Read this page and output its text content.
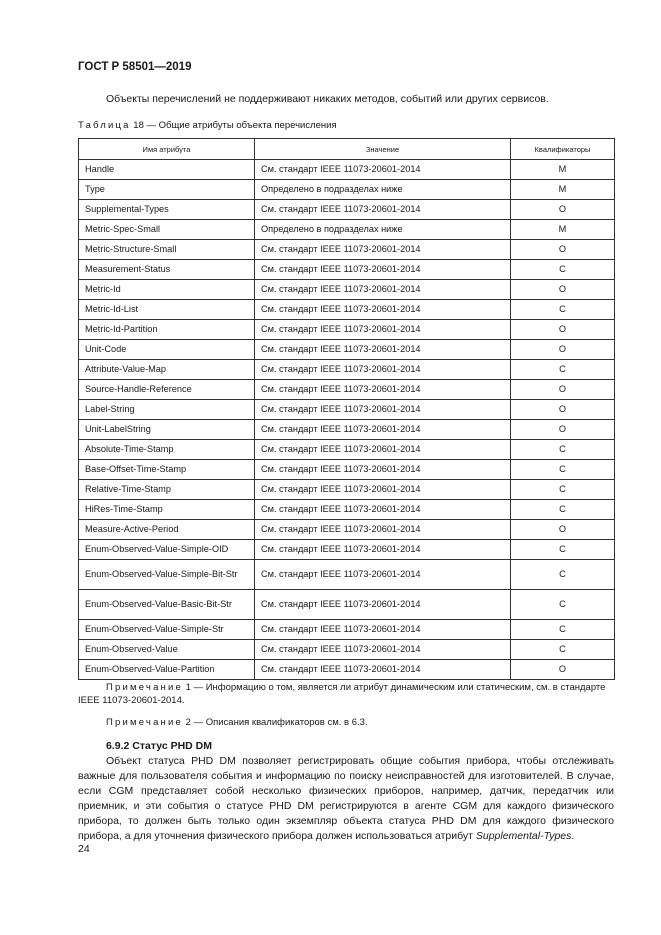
ГОСТ Р 58501—2019
Объекты перечислений не поддерживают никаких методов, событий или других сервисов.
Таблица 18 — Общие атрибуты объекта перечисления
Имя атрибута	Значение	Квалификаторы
Handle	См. стандарт IEEE 11073-20601-2014	M
Type	Определено в подразделах ниже	M
Supplemental-Types	См. стандарт IEEE 11073-20601-2014	O
Metric-Spec-Small	Определено в подразделах ниже	M
Metric-Structure-Small	См. стандарт IEEE 11073-20601-2014	O
Measurement-Status	См. стандарт IEEE 11073-20601-2014	C
Metric-Id	См. стандарт IEEE 11073-20601-2014	O
Metric-Id-List	См. стандарт IEEE 11073-20601-2014	C
Metric-Id-Partition	См. стандарт IEEE 11073-20601-2014	O
Unit-Code	См. стандарт IEEE 11073-20601-2014	O
Attribute-Value-Map	См. стандарт IEEE 11073-20601-2014	C
Source-Handle-Reference	См. стандарт IEEE 11073-20601-2014	O
Label-String	См. стандарт IEEE 11073-20601-2014	O
Unit-LabelString	См. стандарт IEEE 11073-20601-2014	O
Absolute-Time-Stamp	См. стандарт IEEE 11073-20601-2014	C
Base-Offset-Time-Stamp	См. стандарт IEEE 11073-20601-2014	C
Relative-Time-Stamp	См. стандарт IEEE 11073-20601-2014	C
HiRes-Time-Stamp	См. стандарт IEEE 11073-20601-2014	C
Measure-Active-Period	См. стандарт IEEE 11073-20601-2014	O
Enum-Observed-Value-Simple-OID	См. стандарт IEEE 11073-20601-2014	C
Enum-Observed-Value-Simple-Bit-Str	См. стандарт IEEE 11073-20601-2014	C
Enum-Observed-Value-Basic-Bit-Str	См. стандарт IEEE 11073-20601-2014	C
Enum-Observed-Value-Simple-Str	См. стандарт IEEE 11073-20601-2014	C
Enum-Observed-Value	См. стандарт IEEE 11073-20601-2014	C
Enum-Observed-Value-Partition	См. стандарт IEEE 11073-20601-2014	O
Примечание 1 — Информацию о том, является ли атрибут динамическим или статическим, см. в стандарте IEEE 11073-20601-2014.
Примечание 2 — Описания квалификаторов см. в 6.3.
6.9.2 Статус PHD DM
Объект статуса PHD DM позволяет регистрировать общие события прибора, чтобы отслеживать важные для пользователя события и информацию по поиску неисправностей для изготовителей. В случае, если CGM представляет собой несколько физических приборов, например, датчик, передатчик или приемник, и эти события о статусе PHD DM регистрируются в агенте CGM для каждого физического прибора, то должен быть только один экземпляр объекта статуса PHD DM для каждого физического прибора, а для уточнения физического прибора должен использоваться атрибут Supplemental-Types.
24
